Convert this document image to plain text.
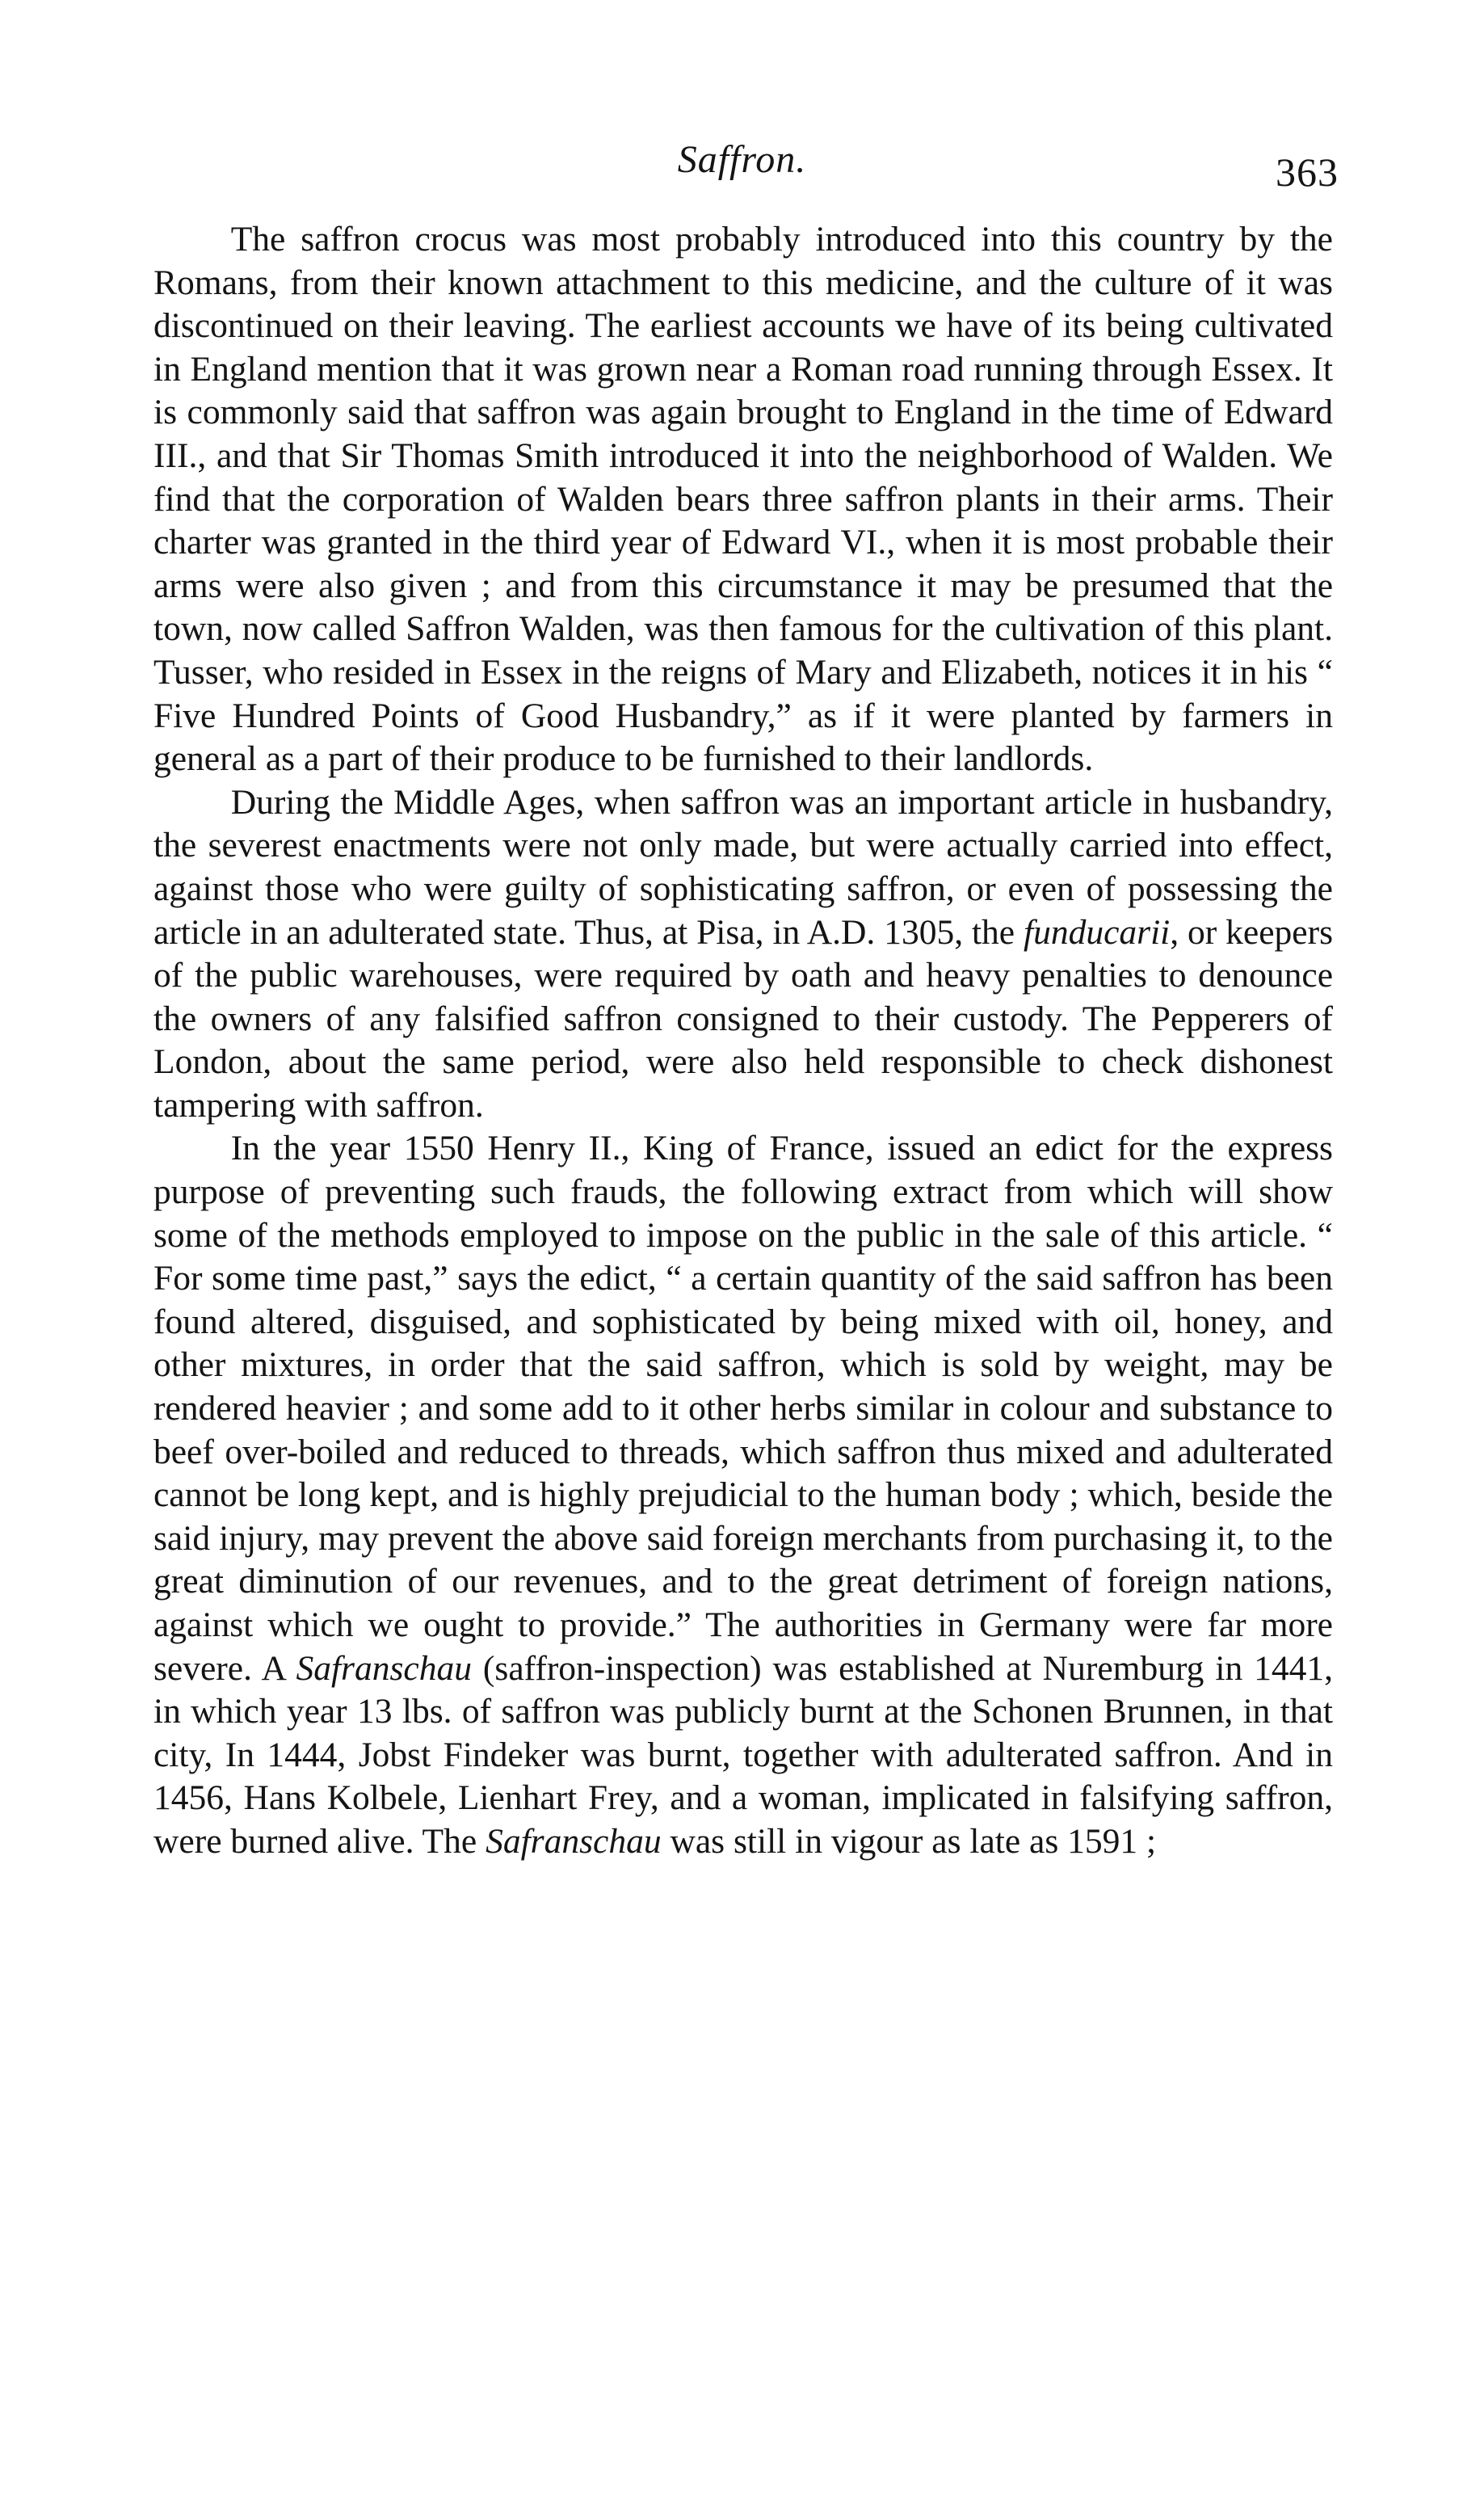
Saffron.	363

The saffron crocus was most probably introduced into this country by the Romans, from their known attachment to this medicine, and the culture of it was discontinued on their leaving. The earliest accounts we have of its being cultivated in England mention that it was grown near a Roman road running through Essex. It is commonly said that saffron was again brought to England in the time of Edward III., and that Sir Thomas Smith introduced it into the neighborhood of Walden. We find that the corporation of Walden bears three saffron plants in their arms. Their charter was granted in the third year of Edward VI., when it is most probable their arms were also given ; and from this circumstance it may be presumed that the town, now called Saffron Walden, was then famous for the cultivation of this plant. Tusser, who resided in Essex in the reigns of Mary and Elizabeth, notices it in his “ Five Hundred Points of Good Husbandry,” as if it were planted by farmers in general as a part of their produce to be furnished to their landlords.

During the Middle Ages, when saffron was an important article in husbandry, the severest enactments were not only made, but were actually carried into effect, against those who were guilty of sophisticating saffron, or even of possessing the article in an adulterated state. Thus, at Pisa, in A.D. 1305, the funducarii, or keepers of the public warehouses, were required by oath and heavy penalties to denounce the owners of any falsified saffron consigned to their custody. The Pepperers of London, about the same period, were also held responsible to check dishonest tampering with saffron.

In the year 1550 Henry II., King of France, issued an edict for the express purpose of preventing such frauds, the following extract from which will show some of the methods employed to impose on the public in the sale of this article. “ For some time past,” says the edict, “ a certain quantity of the said saffron has been found altered, disguised, and sophisticated by being mixed with oil, honey, and other mixtures, in order that the said saffron, which is sold by weight, may be rendered heavier ; and some add to it other herbs similar in colour and substance to beef over-boiled and reduced to threads, which saffron thus mixed and adulterated cannot be long kept, and is highly prejudicial to the human body ; which, beside the said injury, may prevent the above said foreign merchants from purchasing it, to the great diminution of our revenues, and to the great detriment of foreign nations, against which we ought to provide.” The authorities in Germany were far more severe. A Safranschau (saffron-inspection) was established at Nuremburg in 1441, in which year 13 lbs. of saffron was publicly burnt at the Schonen Brunnen, in that city, In 1444, Jobst Findeker was burnt, together with adulterated saffron. And in 1456, Hans Kolbele, Lienhart Frey, and a woman, implicated in falsifying saffron, were burned alive. The Safranschau was still in vigour as late as 1591 ;
